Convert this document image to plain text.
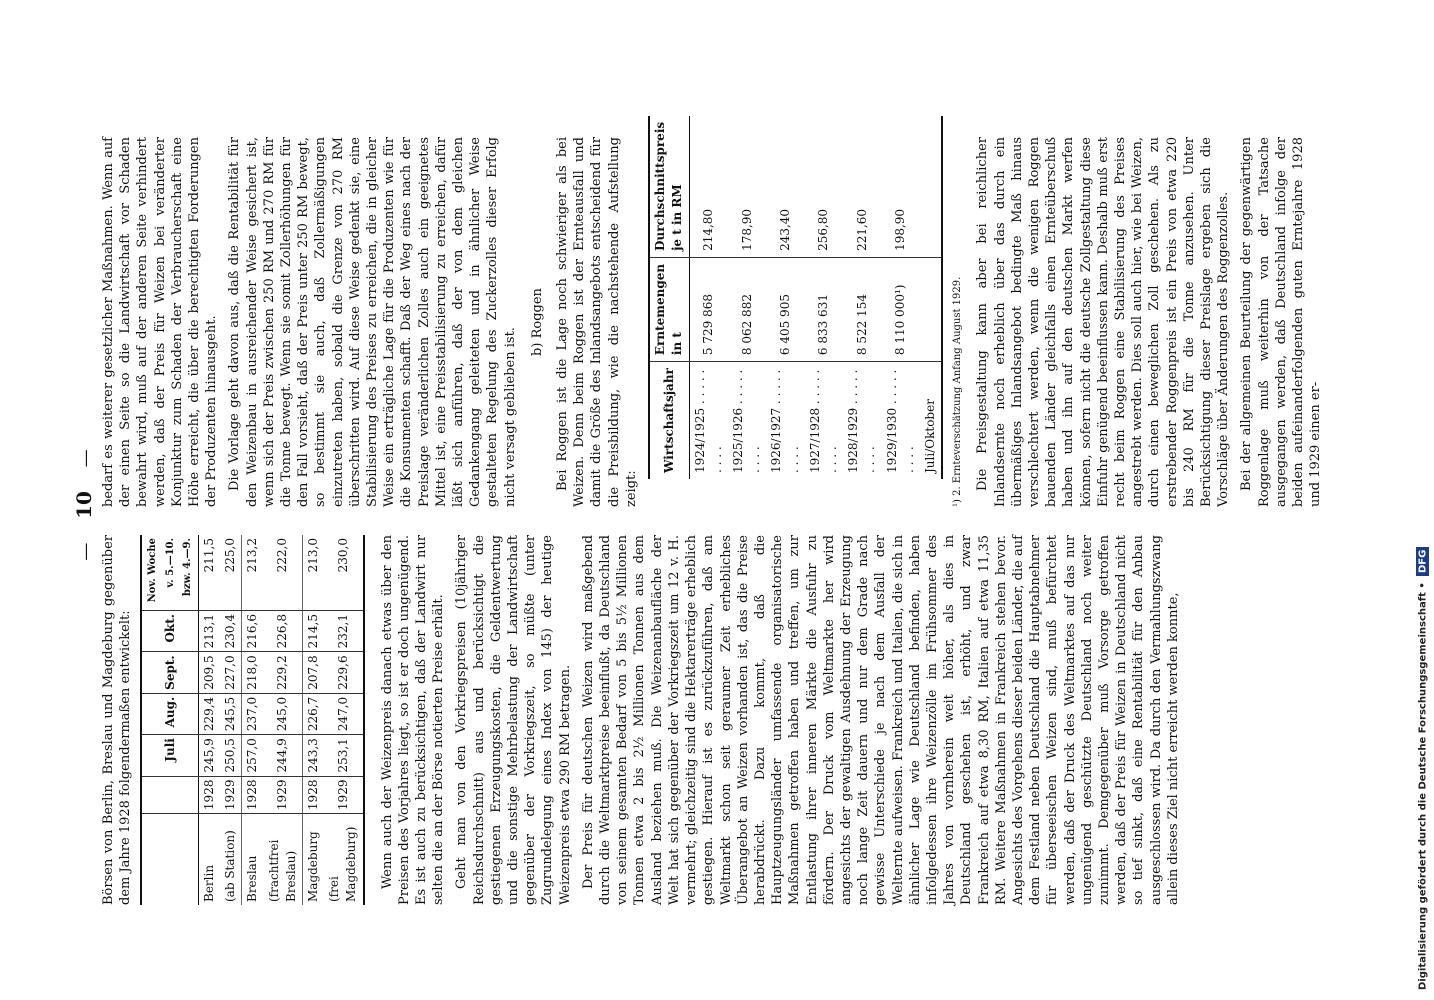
— 10 —

Börsen von Berlin, Breslau und Magdeburg gegenüber dem Jahre 1928 folgendermaßen entwickelt:

		Juli	Aug.	Sept.	Okt.	Nov. Woche v. 5.—10. bzw. 4.—9.
Berlin	1928	245,9	229,4	209,5	213,1	211,5
(ab Station)	1929	250,5	245,5	227,0	230,4	225,0
Breslau	1928	257,0	237,0	218,0	216,6	213,2
(frachtfrei Breslau)	1929	244,9	245,0	229,2	226,8	222,0
Magdeburg	1928	243,3	226,7	207,8	214,5	213,0
(frei Magdeburg)	1929	253,1	247,0	229,6	232,1	230,0 Wenn auch der Weizenpreis danach etwas über den Preisen des Vorjahres liegt, so ist er doch ungenügend. Es ist auch zu berücksichtigen, daß der Landwirt nur selten die an der Börse notierten Preise erhält. Geht man von den Vorkriegspreisen (10jähriger Reichsdurchschnitt) aus und berücksichtigt die gestiegenen Erzeugungskosten, die Geldentwertung und die sonstige Mehrbelastung der Landwirtschaft gegenüber der Vorkriegszeit, so müßte (unter Zugrundelegung eines Index von 145) der heutige Weizenpreis etwa 290 RM betragen. Der Preis für deutschen Weizen wird maßgebend durch die Weltmarktpreise beeinflußt, da Deutschland von seinem gesamten Bedarf von 5 bis 5½ Millionen Tonnen etwa 2 bis 2½ Millionen Tonnen aus dem Ausland beziehen muß. Die Weizenanbaufläche der Welt hat sich gegenüber der Vorkriegszeit um 12 v. H. vermehrt; gleichzeitig sind die Hektarerträge erheblich gestiegen. Hierauf ist es zurückzuführen, daß am Weltmarkt schon seit geraumer Zeit erhebliches Überangebot an Weizen vorhanden ist, das die Preise herabdrückt. Dazu kommt, daß die Hauptzeugungsländer umfassende organisatorische Maßnahmen getroffen haben und treffen, um zur Entlastung ihrer inneren Märkte die Ausfuhr zu fördern. Der Druck vom Weltmarkte her wird angesichts der gewaltigen Ausdehnung der Erzeugung noch lange Zeit dauern und nur dem Grade nach gewisse Unterschiede je nach dem Ausfall der Welternte aufweisen. Frankreich und Italien, die sich in ähnlicher Lage wie Deutschland befinden, haben infolgedessen ihre Weizenzölle im Frühsommer des Jahres von vornherein weit höher, als dies in Deutschland geschehen ist, erhöht, und zwar Frankreich auf etwa 8,30 RM, Italien auf etwa 11,35 RM. Weitere Maßnahmen in Frankreich stehen bevor. Angesichts des Vorgehens dieser beiden Länder, die auf dem Festland neben Deutschland die Hauptabnehmer für überseeischen Weizen sind, muß befürchtet werden, daß der Druck des Weltmarktes auf das nur ungenügend geschützte Deutschland noch weiter zunimmt. Demgegenüber muß Vorsorge getroffen werden, daß der Preis für Weizen in Deutschland nicht so tief sinkt, daß eine Rentabilität für den Anbau ausgeschlossen wird. Da durch den Vermahlungszwang allein dieses Ziel nicht erreicht werden konnte,

bedarf es weiterer gesetzlicher Maßnahmen. Wenn auf der einen Seite so die Landwirtschaft vor Schaden bewahrt wird, muß auf der anderen Seite verhindert werden, daß der Preis für Weizen bei veränderter Konjunktur zum Schaden der Verbraucherschaft eine Höhe erreicht, die über die berechtigten Forderungen der Produzenten hinausgeht. Die Vorlage geht davon aus, daß die Rentabilität für den Weizenbau in ausreichender Weise gesichert ist, wenn sich der Preis zwischen 250 RM und 270 RM für die Tonne bewegt. Wenn sie somit Zollerhöhungen für den Fall vorsieht, daß der Preis unter 250 RM bewegt, so bestimmt sie auch, daß Zollermäßigungen einzutreten haben, sobald die Grenze von 270 RM überschritten wird. Auf diese Weise gedenkt sie, eine Stabilisierung des Preises zu erreichen, die in gleicher Weise ein erträgliche Lage für die Produzenten wie für die Konsumenten schafft. Daß der Weg eines nach der Preislage veränderlichen Zolles auch ein geeignetes Mittel ist, eine Preisstabilisierung zu erreichen, dafür läßt sich anführen, daß der von dem gleichen Gedankengang geleiteten und in ähnlicher Weise gestalteten Regelung des Zuckerzolles dieser Erfolg nicht versagt geblieben ist.

b) Roggen Bei Roggen ist die Lage noch schwieriger als bei Weizen. Denn beim Roggen ist der Ernteausfall und damit die Größe des Inlandsangebots entscheidend für die Preisbildung, wie die nachstehende Aufstellung zeigt:

Wirtschaftsjahr	Erntemengen in t	Durchschnittspreis je t in RM
1924/1925 . . . . . . . . .	5 729 868	214,80
1925/1926 . . . . . . . . .	8 062 882	178,90
1926/1927 . . . . . . . . .	6 405 905	243,40
1927/1928 . . . . . . . . .	6 833 631	256,80
1928/1929 . . . . . . . . .	8 522 154	221,60
1929/1930 . . . . . . . . .	8 110 000¹)	198,90
Juli/Oktober			¹) 2. Ernteverschätzung Anfang August 1929. Die Preisgestaltung kann aber bei reichlicher Inlandsernte noch erheblich über das durch ein übermäßiges Inlandsangebot bedingte Maß hinaus verschlechtert werden, wenn die wenigen Roggen bauenden Länder gleichfalls einen Ernteüberschuß haben und ihn auf den deutschen Markt werfen können, sofern nicht die deutsche Zollgestaltung diese Einfuhr genügend beeinflussen kann. Deshalb muß erst recht beim Roggen eine Stabilisierung des Preises angestrebt werden. Dies soll auch hier, wie bei Weizen, durch einen beweglichen Zoll geschehen. Als zu erstrebender Roggenpreis ist ein Preis von etwa 220 bis 240 RM für die Tonne anzusehen. Unter Berücksichtigung dieser Preislage ergeben sich die Vorschläge über Änderungen des Roggenzolles. Bei der allgemeinen Beurteilung der gegenwärtigen Roggenlage muß weiterhin von der Tatsache ausgegangen werden, daß Deutschland infolge der beiden aufeinanderfolgenden guten Erntejahre 1928 und 1929 einen er-

Digitalisierung gefördert durch die Deutsche Forschungsgemeinschaft •
DFG
